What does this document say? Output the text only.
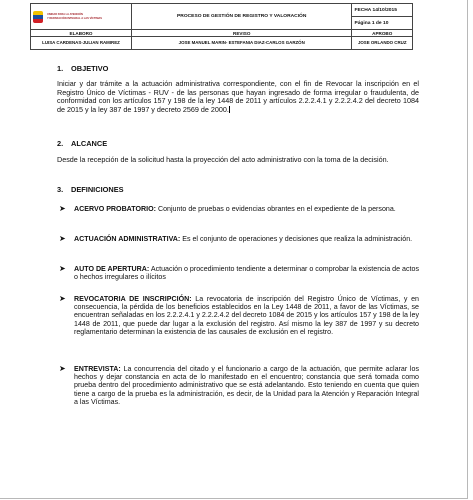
UNIDAD PARA LA ATENCIÓN
Y REPARACIÓN INTEGRAL A LAS VÍCTIMAS	PROCESO DE GESTIÓN DE REGISTRO Y VALORACIÓN	FECHA 14/10/2015
		Página 1 de 10
ELABORO	REVISO	APROBO
LUISA CARDENAS-JULIAN RAMIREZ	JOSE MANUEL MARIN- ESTEFANIA DIAZ-CARLOS GARZÓN	JOSE ORLANDO CRUZ
1.	OBJETIVO

Iniciar y dar trámite a la actuación administrativa correspondiente, con el fin de Revocar la inscripción en el Registro Único de Víctimas - RUV - de las personas que hayan ingresado de forma irregular o fraudulenta, de conformidad con los artículos 157 y 198 de la ley 1448 de 2011 y artículos 2.2.2.4.1 y 2.2.2.4.2 del decreto 1084 de 2015 y la ley 387 de 1997 y decreto 2569 de 2000.

2.	ALCANCE

Desde la recepción de la solicitud hasta la proyección del acto administrativo con la toma de la decisión.

3.	DEFINICIONES
➤ ACERVO PROBATORIO: Conjunto de pruebas o evidencias obrantes en el expediente de la persona.
➤ ACTUACIÓN ADMINISTRATIVA: Es el conjunto de operaciones y decisiones que realiza la administración.
➤ AUTO DE APERTURA: Actuación o procedimiento tendiente a determinar o comprobar la existencia de actos o hechos irregulares o ilícitos
➤ REVOCATORIA DE INSCRIPCIÓN: La revocatoria de inscripción del Registro Único de Víctimas, y en consecuencia, la pérdida de los beneficios establecidos en la Ley 1448 de 2011, a favor de las Víctimas, se encuentran señaladas en los 2.2.2.4.1 y 2.2.2.4.2 del decreto 1084 de 2015 y los artículos 157 y 198 de la ley 1448 de 2011, que puede dar lugar a la exclusión del registro. Así mismo la ley 387 de 1997 y su decreto reglamentario determinan la existencia de las causales de exclusión en el registro.
➤ ENTREVISTA: La concurrencia del citado y el funcionario a cargo de la actuación, que permite aclarar los hechos y dejar constancia en acta de lo manifestado en el encuentro; constancia que será tomada como prueba dentro del procedimiento administrativo que se está adelantando. Esto teniendo en cuenta que quien tiene a cargo de la prueba es la administración, es decir, de la Unidad para la Atención y Reparación Integral a las Víctimas.
